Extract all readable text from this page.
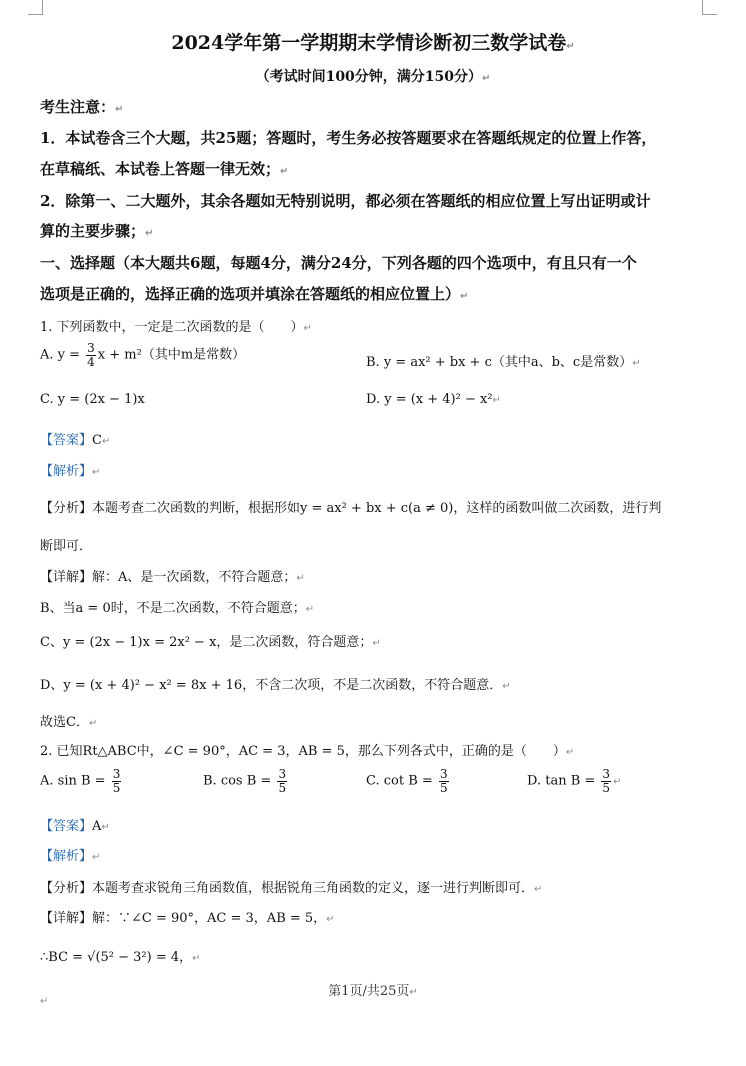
2024学年第一学期期末学情诊断初三数学试卷↵
（考试时间100分钟，满分150分）↵
考生注意：↵
1．本试卷含三个大题，共25题；答题时，考生务必按答题要求在答题纸规定的位置上作答，
在草稿纸、本试卷上答题一律无效；↵
2．除第一、二大题外，其余各题如无特别说明，都必须在答题纸的相应位置上写出证明或计
算的主要步骤；↵
一、选择题（本大题共6题，每题4分，满分24分，下列各题的四个选项中，有且只有一个
选项是正确的，选择正确的选项并填涂在答题纸的相应位置上）↵
1. 下列函数中，一定是二次函数的是（　　）↵
A. $y = \frac{3}{4}$ x + m²（其中m是常数）	B. y = ax² + bx + c（其中a、b、c是常数）↵
C. y = (2x − 1)x	D. y = (x + 4)² − x²↵
【答案】C↵
【解析】↵
【分析】本题考查二次函数的判断，根据形如y = ax² + bx + c(a ≠ 0)，这样的函数叫做二次函数，进行判
断即可．
【详解】解：A、是一次函数，不符合题意；↵
B、当a = 0时，不是二次函数，不符合题意；↵
C、y = (2x − 1)x = 2x² − x，是二次函数，符合题意；↵
D、y = (x + 4)² − x² = 8x + 16，不含二次项，不是二次函数，不符合题意．↵
故选C．↵
2. 已知Rt△ABC中，∠C = 90°，AC = 3，AB = 5，那么下列各式中，正确的是（　　）↵
A. $\sin B = \frac{3}{5}$	B. $\cos B = \frac{3}{5}$	C. $\cot B = \frac{3}{5}$	D. $\tan B = \frac{3}{5}$ ↵
【答案】A↵
【解析】↵
【分析】本题考查求锐角三角函数值，根据锐角三角函数的定义，逐一进行判断即可．↵
【详解】解：∵∠C = 90°，AC = 3，AB = 5，↵
∴BC = √(5² − 3²) = 4，↵
第1页/共25页↵
↵
